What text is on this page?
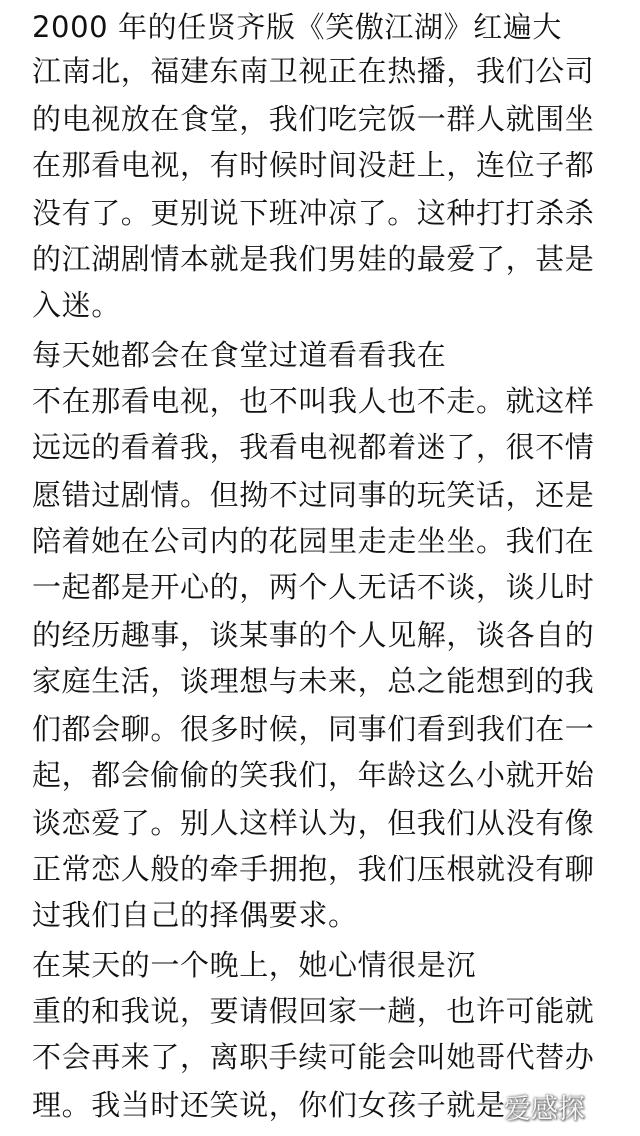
2000 年的任贤齐版《笑傲江湖》红遍大
江南北，福建东南卫视正在热播，我们公司
的电视放在食堂，我们吃完饭一群人就围坐
在那看电视，有时候时间没赶上，连位子都
没有了。更别说下班冲凉了。这种打打杀杀
的江湖剧情本就是我们男娃的最爱了，甚是
入迷。
每天她都会在食堂过道看看我在
不在那看电视，也不叫我人也不走。就这样
远远的看着我，我看电视都着迷了，很不情
愿错过剧情。但拗不过同事的玩笑话，还是
陪着她在公司内的花园里走走坐坐。我们在
一起都是开心的，两个人无话不谈，谈儿时
的经历趣事，谈某事的个人见解，谈各自的
家庭生活，谈理想与未来，总之能想到的我
们都会聊。很多时候，同事们看到我们在一
起，都会偷偷的笑我们，年龄这么小就开始
谈恋爱了。别人这样认为，但我们从没有像
正常恋人般的牵手拥抱，我们压根就没有聊
过我们自己的择偶要求。
在某天的一个晚上，她心情很是沉
重的和我说，要请假回家一趟，也许可能就
不会再来了，离职手续可能会叫她哥代替办
理。我当时还笑说，你们女孩子就是
爱感探
